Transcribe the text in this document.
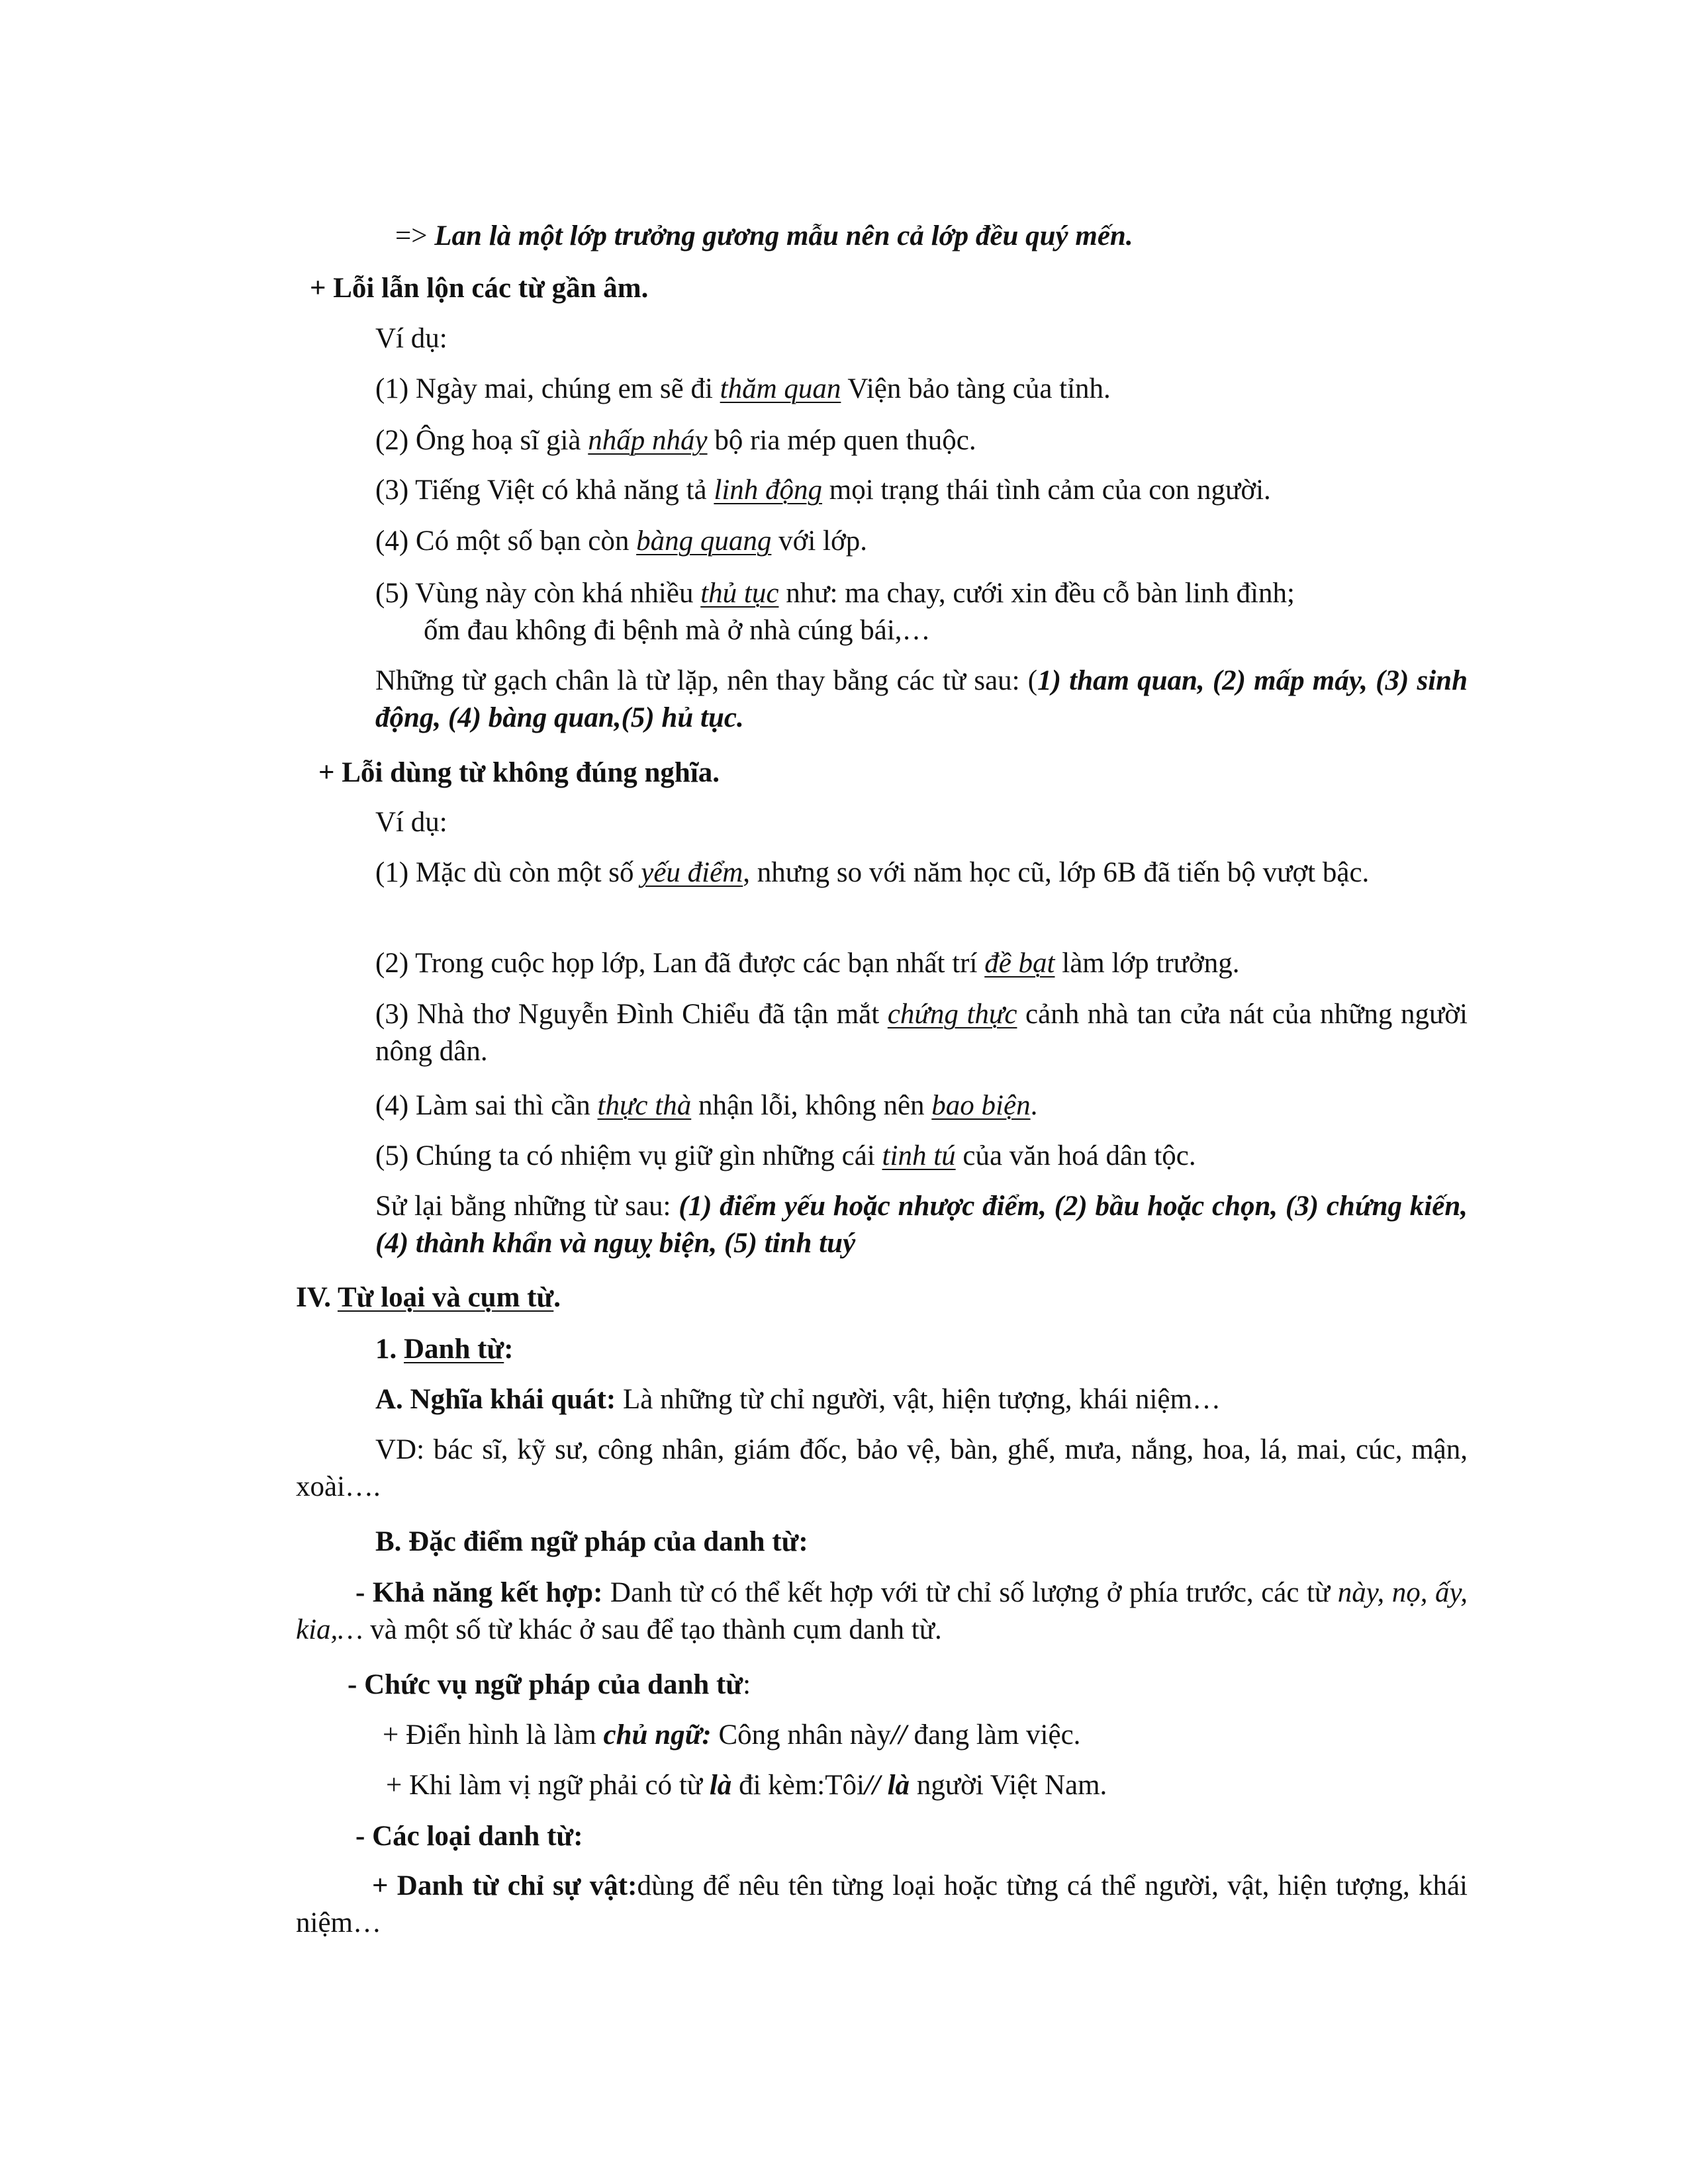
=> Lan là một lớp trưởng gương mẫu nên cả lớp đều quý mến.
+ Lỗi lẫn lộn các từ gần âm.
Ví dụ:
(1) Ngày mai, chúng em sẽ đi thăm quan Viện bảo tàng của tỉnh.
(2) Ông hoạ sĩ già nhấp nháy bộ ria mép quen thuộc.
(3) Tiếng Việt có khả năng tả linh động mọi trạng thái tình cảm của con người.
(4) Có một số bạn còn bàng quang với lớp.
(5) Vùng này còn khá nhiều thủ tục như: ma chay, cưới xin đều cỗ bàn linh đình;
ốm đau không đi bệnh mà ở nhà cúng bái,…
Những từ gạch chân là từ lặp, nên thay bằng các từ sau: (1) tham quan, (2) mấp máy, (3) sinh động, (4) bàng quan,(5) hủ tục.
+ Lỗi dùng từ không đúng nghĩa.
Ví dụ:
(1) Mặc dù còn một số yếu điểm, nhưng so với năm học cũ, lớp 6B đã tiến bộ vượt bậc.
(2) Trong cuộc họp lớp, Lan đã được các bạn nhất trí đề bạt làm lớp trưởng.
(3) Nhà thơ Nguyễn Đình Chiểu đã tận mắt chứng thực cảnh nhà tan cửa nát của những người nông dân.
(4) Làm sai thì cần thực thà nhận lỗi, không nên bao biện.
(5) Chúng ta có nhiệm vụ giữ gìn những cái tinh tú của văn hoá dân tộc.
Sử lại bằng những từ sau: (1) điểm yếu hoặc nhược điểm, (2) bầu hoặc chọn, (3) chứng kiến, (4) thành khẩn và nguỵ biện, (5) tinh tuý
IV. Từ loại và cụm từ.
1. Danh từ:
A. Nghĩa khái quát: Là những từ chỉ người, vật, hiện tượng, khái niệm…
VD: bác sĩ, kỹ sư, công nhân, giám đốc, bảo vệ, bàn, ghế, mưa, nắng, hoa, lá, mai, cúc, mận, xoài….
B. Đặc điểm ngữ pháp của danh từ:
- Khả năng kết hợp: Danh từ có thể kết hợp với từ chỉ số lượng ở phía trước, các từ này, nọ, ấy, kia,… và một số từ khác ở sau để tạo thành cụm danh từ.
- Chức vụ ngữ pháp của danh từ:
+ Điển hình là làm chủ ngữ: Công nhân này// đang làm việc.
+ Khi làm vị ngữ phải có từ là đi kèm:Tôi// là người Việt Nam.
- Các loại danh từ:
+ Danh từ chỉ sự vật:dùng để nêu tên từng loại hoặc từng cá thể người, vật, hiện tượng, khái niệm…
